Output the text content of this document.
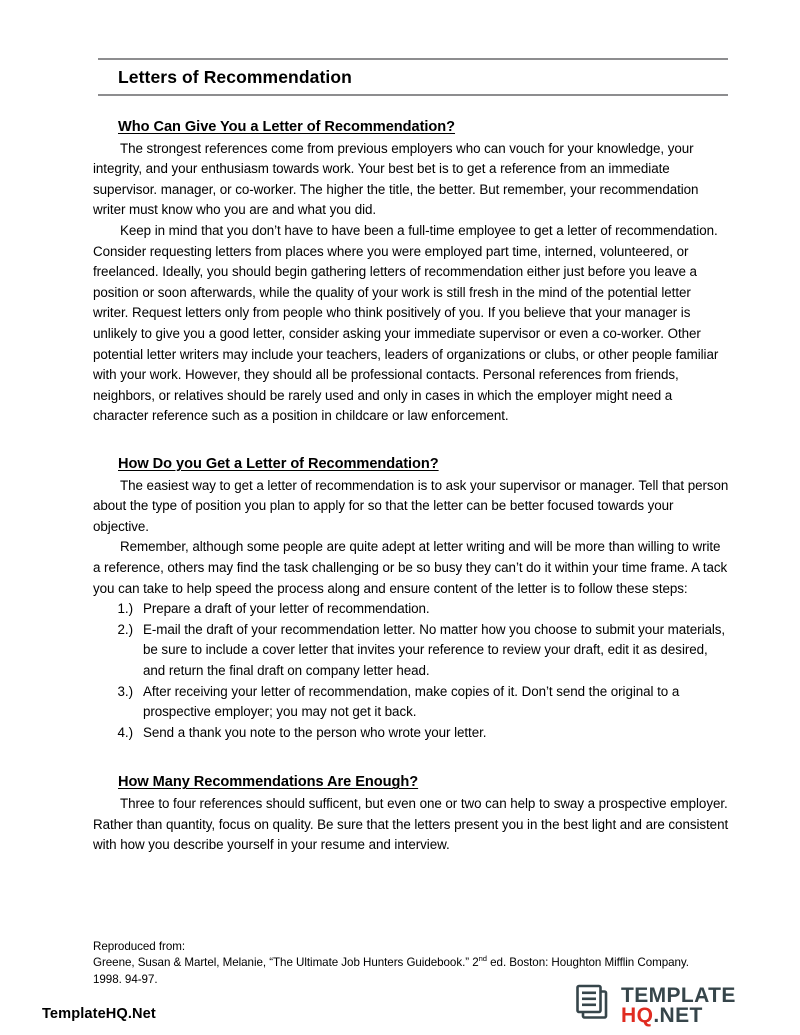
Letters of Recommendation
Who Can Give You a Letter of Recommendation?

The strongest references come from previous employers who can vouch for your knowledge, your integrity, and your enthusiasm towards work. Your best bet is to get a reference from an immediate supervisor. manager, or co-worker. The higher the title, the better. But remember, your recommendation writer must know who you are and what you did.

Keep in mind that you don’t have to have been a full-time employee to get a letter of recommendation. Consider requesting letters from places where you were employed part time, interned, volunteered, or freelanced. Ideally, you should begin gathering letters of recommendation either just before you leave a position or soon afterwards, while the quality of your work is still fresh in the mind of the potential letter writer. Request letters only from people who think positively of you. If you believe that your manager is unlikely to give you a good letter, consider asking your immediate supervisor or even a co-worker. Other potential letter writers may include your teachers, leaders of organizations or clubs, or other people familiar with your work. However, they should all be professional contacts. Personal references from friends, neighbors, or relatives should be rarely used and only in cases in which the employer might need a character reference such as a position in childcare or law enforcement.

How Do you Get a Letter of Recommendation?

The easiest way to get a letter of recommendation is to ask your supervisor or manager. Tell that person about the type of position you plan to apply for so that the letter can be better focused towards your objective.

Remember, although some people are quite adept at letter writing and will be more than willing to write a reference, others may find the task challenging or be so busy they can’t do it within your time frame. A tack you can take to help speed the process along and ensure content of the letter is to follow these steps:

1.) Prepare a draft of your letter of recommendation.
2.) E-mail the draft of your recommendation letter. No matter how you choose to submit your materials, be sure to include a cover letter that invites your reference to review your draft, edit it as desired, and return the final draft on company letter head.
3.) After receiving your letter of recommendation, make copies of it. Don’t send the original to a prospective employer; you may not get it back.
4.) Send a thank you note to the person who wrote your letter.
How Many Recommendations Are Enough?

Three to four references should sufficent, but even one or two can help to sway a prospective employer. Rather than quantity, focus on quality. Be sure that the letters present you in the best light and are consistent with how you describe yourself in your resume and interview.

Reproduced from:
Greene, Susan & Martel, Melanie, “The Ultimate Job Hunters Guidebook.” 2nd ed. Boston: Houghton Mifflin Company.
1998. 94-97.
TemplateHQ.Net
TEMPLATE
HQ .NET
